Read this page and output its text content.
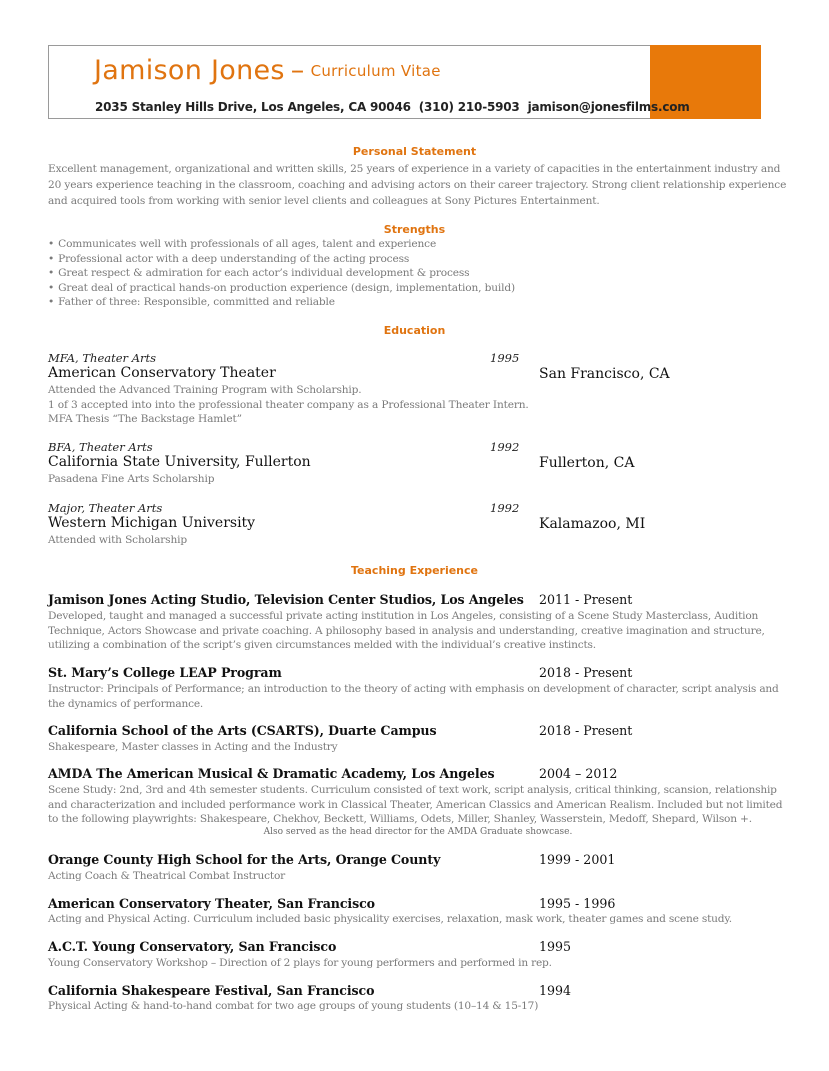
Jamison Jones – Curriculum Vitae
2035 Stanley Hills Drive, Los Angeles, CA 90046 (310) 210-5903 jamison@jonesfilms.com
Personal Statement
Excellent management, organizational and written skills, 25 years of experience in a variety of capacities in the entertainment industry and 20 years experience teaching in the classroom, coaching and advising actors on their career trajectory. Strong client relationship experience and acquired tools from working with senior level clients and colleagues at Sony Pictures Entertainment.
Strengths
• Communicates well with professionals of all ages, talent and experience
• Professional actor with a deep understanding of the acting process
• Great respect & admiration for each actor’s individual development & process
• Great deal of practical hands-on production experience (design, implementation, build)
• Father of three: Responsible, committed and reliable
Education
MFA, Theater Arts	1995
American Conservatory Theater	San Francisco, CA
Attended the Advanced Training Program with Scholarship.
1 of 3 accepted into into the professional theater company as a Professional Theater Intern.
MFA Thesis “The Backstage Hamlet”
BFA, Theater Arts	1992
California State University, Fullerton	Fullerton, CA
Pasadena Fine Arts Scholarship
Major, Theater Arts	1992
Western Michigan University	Kalamazoo, MI
Attended with Scholarship
Teaching Experience
Jamison Jones Acting Studio, Television Center Studios, Los Angeles 2011 - Present
Developed, taught and managed a successful private acting institution in Los Angeles, consisting of a Scene Study Masterclass, Audition Technique, Actors Showcase and private coaching. A philosophy based in analysis and understanding, creative imagination and structure, utilizing a combination of the script’s given circumstances melded with the individual’s creative instincts.
St. Mary’s College LEAP Program	2018 - Present
Instructor: Principals of Performance; an introduction to the theory of acting with emphasis on development of character, script analysis and the dynamics of performance.
California School of the Arts (CSARTS), Duarte Campus	2018 - Present
Shakespeare, Master classes in Acting and the Industry
AMDA The American Musical & Dramatic Academy, Los Angeles	2004 – 2012
Scene Study: 2nd, 3rd and 4th semester students. Curriculum consisted of text work, script analysis, critical thinking, scansion, relationship and characterization and included performance work in Classical Theater, American Classics and American Realism. Included but not limited to the following playwrights: Shakespeare, Chekhov, Beckett, Williams, Odets, Miller, Shanley, Wasserstein, Medoff, Shepard, Wilson +.
Also served as the head director for the AMDA Graduate showcase.
Orange County High School for the Arts, Orange County	1999 - 2001
Acting Coach & Theatrical Combat Instructor
American Conservatory Theater, San Francisco	1995 - 1996
Acting and Physical Acting. Curriculum included basic physicality exercises, relaxation, mask work, theater games and scene study.
A.C.T. Young Conservatory, San Francisco	1995
Young Conservatory Workshop – Direction of 2 plays for young performers and performed in rep.
California Shakespeare Festival, San Francisco	1994
Physical Acting & hand-to-hand combat for two age groups of young students (10–14 & 15-17)
